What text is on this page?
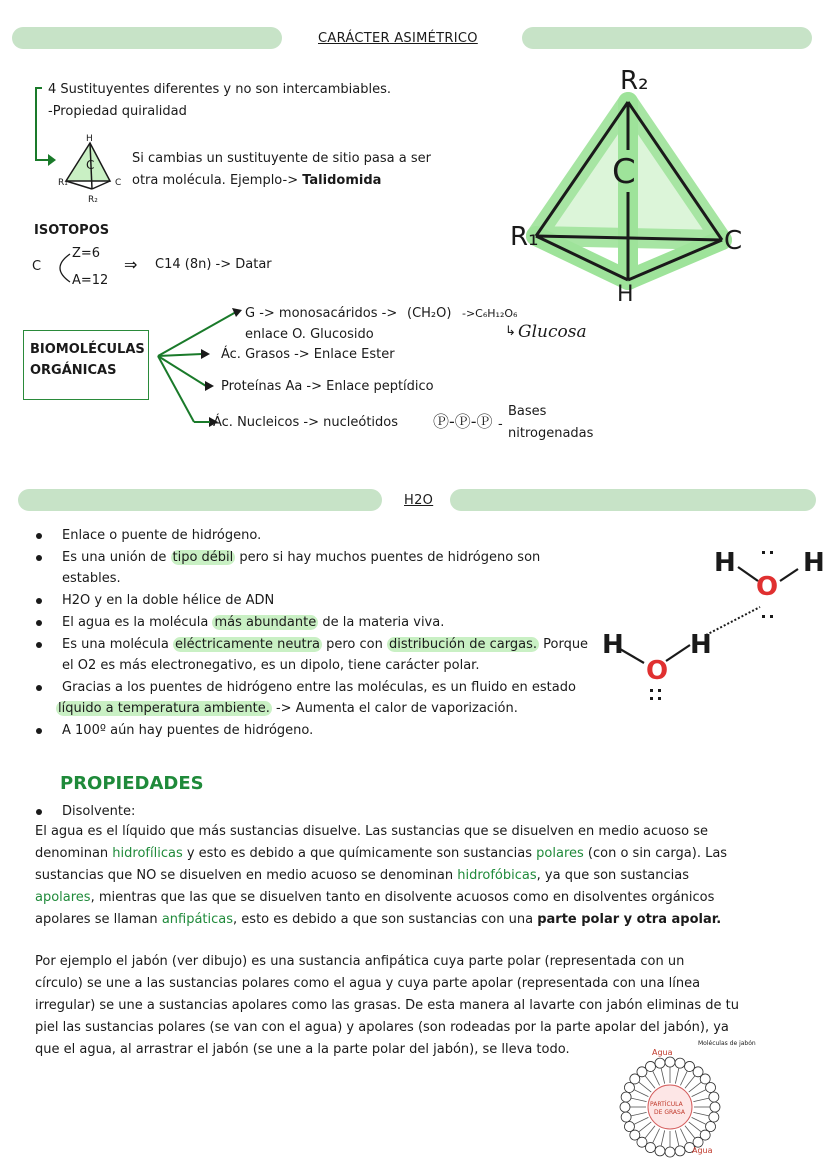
CARÁCTER ASIMÉTRICO
4 Sustituyentes diferentes y no son intercambiables.
-Propiedad quiralidad
H
C
R₁	C
R₂
Si cambias un sustituyente de sitio pasa a ser
otra molécula. Ejemplo-> Talidomida
R₂
C
R₁	C
H
ISOTOPOS
C
Z=6
A=12
⇒ C14 (8n) -> Datar
BIOMOLÉCULAS
ORGÁNICAS
G -> monosacáridos -> (CH₂O) ->C₆H₁₂O₆
enlace O. Glucosido	↳ Glucosa
Ác. Grasos -> Enlace Ester
Proteínas Aa -> Enlace peptídico
Ác. Nucleicos -> nucleótidos Ⓟ-Ⓟ-Ⓟ -
Bases
nitrogenadas
H2O
Enlace o puente de hidrógeno.
Es una unión de tipo débil pero si hay muchos puentes de hidrógeno son
estables.
H2O y en la doble hélice de ADN
El agua es la molécula más abundante de la materia viva.
Es una molécula eléctricamente neutra pero con distribución de cargas. Porque
el O2 es más electronegativo, es un dipolo, tiene carácter polar.
Gracias a los puentes de hidrógeno entre las moléculas, es un fluido en estado
líquido a temperatura ambiente. -> Aumenta el calor de vaporización.
A 100º aún hay puentes de hidrógeno.
H
O
H
H
O
H
PROPIEDADES
Disolvente:
El agua es el líquido que más sustancias disuelve. Las sustancias que se disuelven en medio acuoso se
denominan hidrofílicas y esto es debido a que químicamente son sustancias polares (con o sin carga). Las
sustancias que NO se disuelven en medio acuoso se denominan hidrofóbicas, ya que son sustancias
apolares, mientras que las que se disuelven tanto en disolvente acuosos como en disolventes orgánicos
apolares se llaman anfipáticas, esto es debido a que son sustancias con una parte polar y otra apolar.
Por ejemplo el jabón (ver dibujo) es una sustancia anfipática cuya parte polar (representada con un
círculo) se une a las sustancias polares como el agua y cuya parte apolar (representada con una línea
irregular) se une a sustancias apolares como las grasas. De esta manera al lavarte con jabón eliminas de tu
piel las sustancias polares (se van con el agua) y apolares (son rodeadas por la parte apolar del jabón), ya
que el agua, al arrastrar el jabón (se une a la parte polar del jabón), se lleva todo.	Agua
Moléculas de jabón
PARTÍCULA
DE GRASA
Agua
